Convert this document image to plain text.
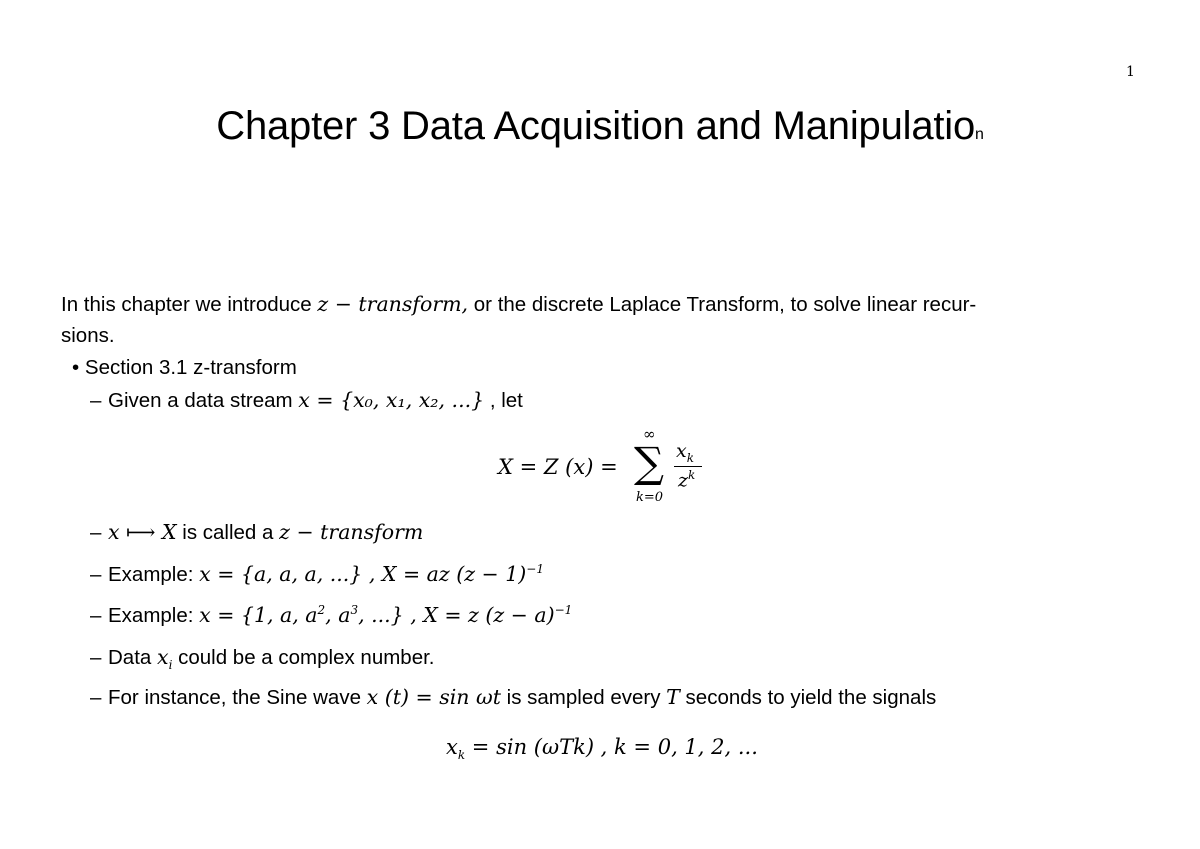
1
Chapter 3 Data Acquisition and Manipulation
In this chapter we introduce z − transform, or the discrete Laplace Transform, to solve linear recur-
sions.
• Section 3.1 z-transform
– Given a data stream x = {x₀, x₁, x₂, ...} , let
X = Z (x) =
∞
∑
k=0
$x_k$
$z^k$
– x ⟼ X is called a z − transform
– Example: x = {a, a, a, ...} , X = az $(z - 1)^{-1}$
– Example: x = {1, a, $a^2$, $a^3$, ...} , X = z $(z - a)^{-1}$
– Data $x_i$ could be a complex number.
– For instance, the Sine wave x (t) = sin ωt is sampled every T seconds to yield the signals
$x_k = \sin (\omega Tk)$ , k = 0, 1, 2, ...
